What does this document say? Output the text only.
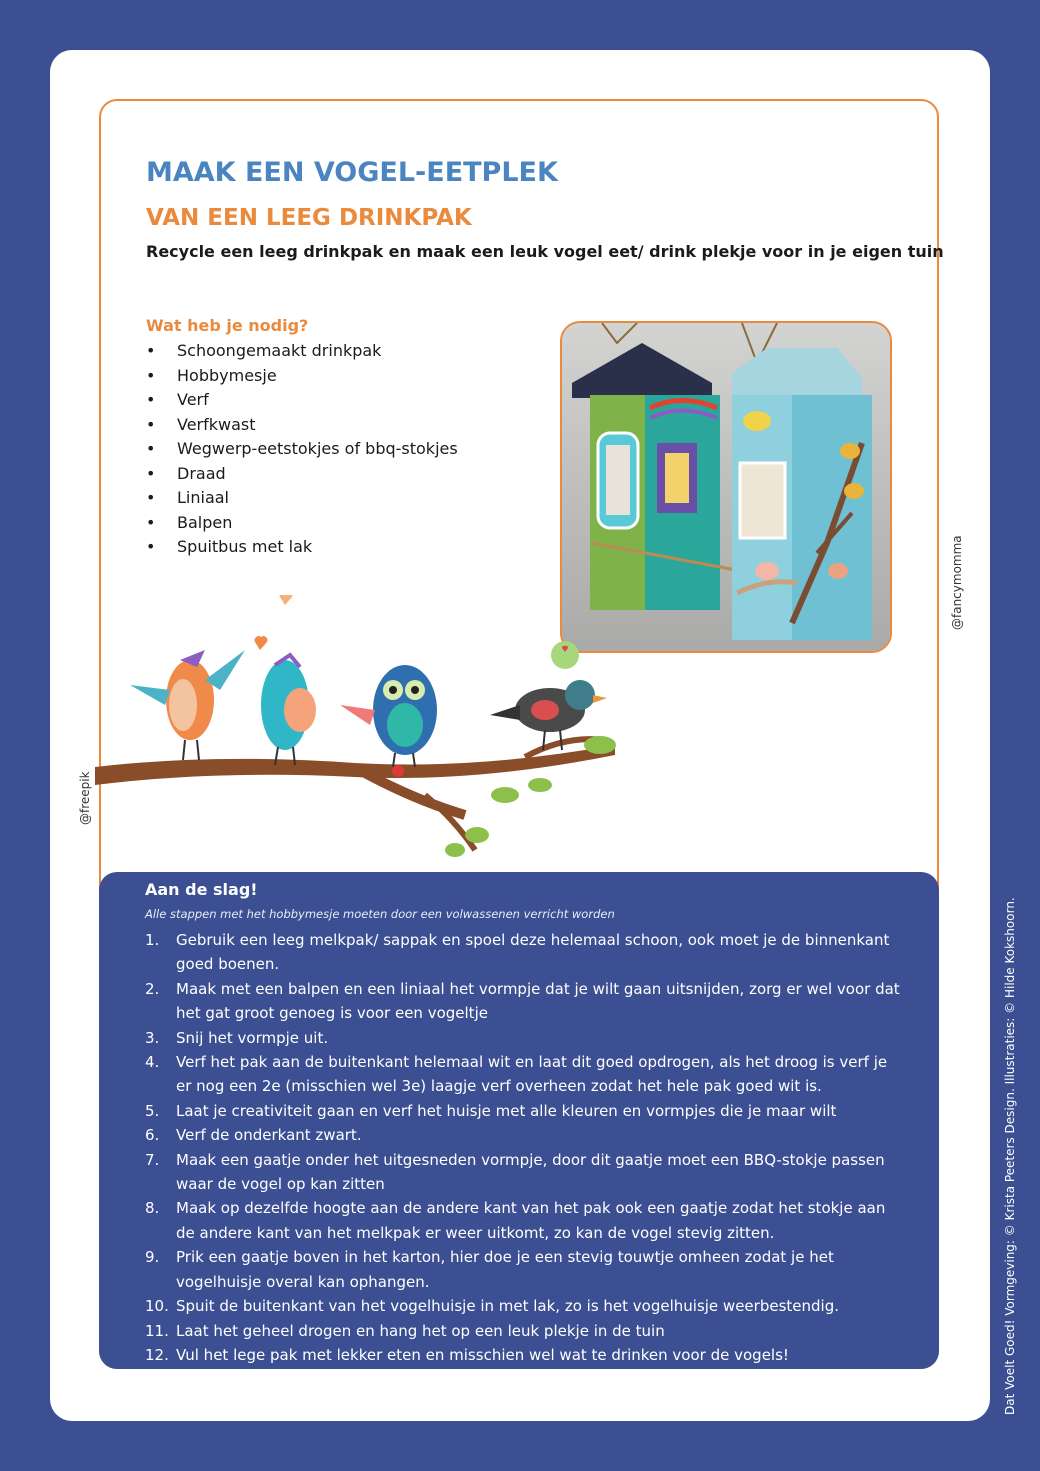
MAAK EEN VOGEL-EETPLEK
VAN EEN LEEG DRINKPAK

Recycle een leeg drinkpak en maak een leuk vogel eet/ drink plekje voor in je eigen tuin

Wat heb je nodig?
• Schoongemaakt drinkpak
• Hobbymesje
• Verf
• Verfkwast
• Wegwerp-eetstokjes of bbq-stokjes
• Draad
• Liniaal
• Balpen
• Spuitbus met lak	@fancymomma
@freepik
Aan de slag!

Alle stappen met het hobbymesje moeten door een volwassenen verricht worden

1. Gebruik een leeg melkpak/ sappak en spoel deze helemaal schoon, ook moet je de binnenkant goed boenen.
2. Maak met een balpen en een liniaal het vormpje dat je wilt gaan uitsnijden, zorg er wel voor dat het gat groot genoeg is voor een vogeltje
3. Snij het vormpje uit.
4. Verf het pak aan de buitenkant helemaal wit en laat dit goed opdrogen, als het droog is verf je er nog een 2e (misschien wel 3e) laagje verf overheen zodat het hele pak goed wit is.
5. Laat je creativiteit gaan en verf het huisje met alle kleuren en vormpjes die je maar wilt
6. Verf de onderkant zwart.
7. Maak een gaatje onder het uitgesneden vormpje, door dit gaatje moet een BBQ-stokje passen waar de vogel op kan zitten
8. Maak op dezelfde hoogte aan de andere kant van het pak ook een gaatje zodat het stokje aan de andere kant van het melkpak er weer uitkomt, zo kan de vogel stevig zitten.
9. Prik een gaatje boven in het karton, hier doe je een stevig touwtje omheen zodat je het vogelhuisje overal kan ophangen.
10. Spuit de buitenkant van het vogelhuisje in met lak, zo is het vogelhuisje weerbestendig.
11. Laat het geheel drogen en hang het op een leuk plekje in de tuin
12. Vul het lege pak met lekker eten en misschien wel wat te drinken voor de vogels!	Dat Voelt Goed! Vormgeving: © Krista Peeters Design. Illustraties: © Hilde Kokshoorn.
